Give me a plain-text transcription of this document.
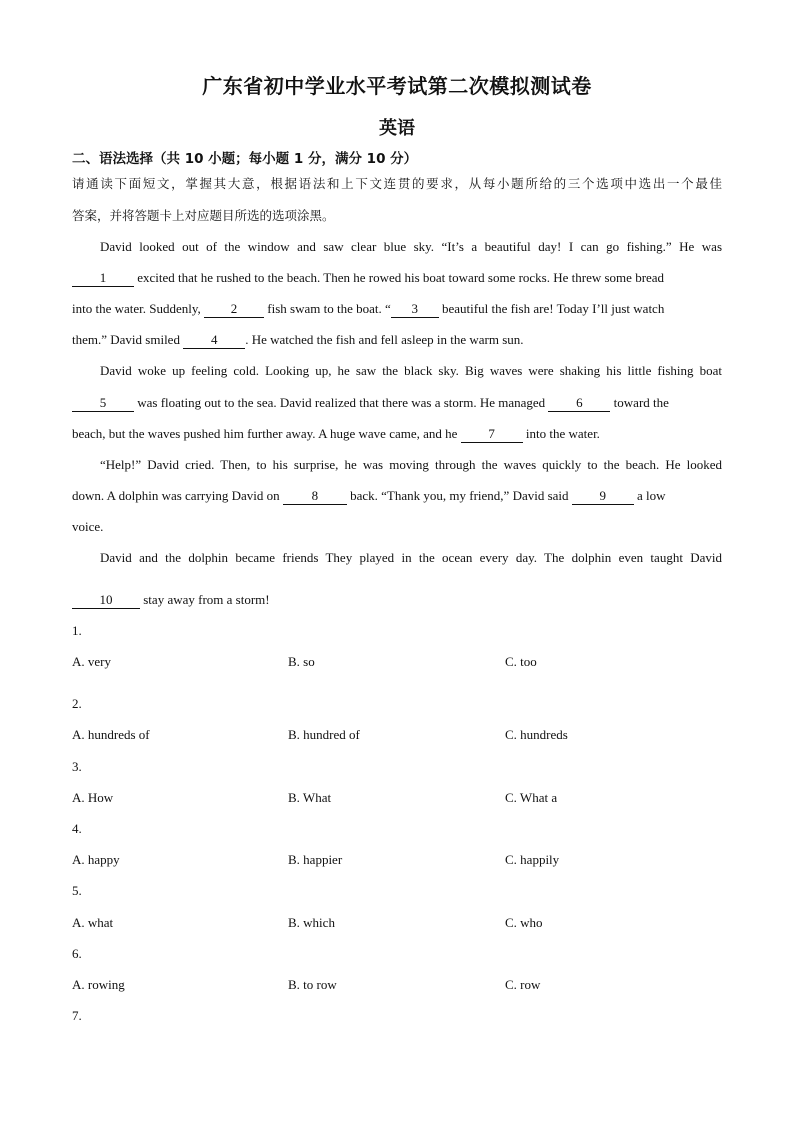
广东省初中学业水平考试第二次模拟测试卷
英语
二、语法选择（共 10 小题；每小题 1 分，满分 10 分）
请通读下面短文，掌握其大意，根据语法和上下文连贯的要求，从每小题所给的三个选项中选出一个最佳
答案，并将答题卡上对应题目所选的选项涂黑。
David looked out of the window and saw clear blue sky. “It’s a beautiful day! I can go fishing.” He was
1 excited that he rushed to the beach. Then he rowed his boat toward some rocks. He threw some bread
into the water. Suddenly, 2 fish swam to the boat. “ 3 beautiful the fish are! Today I’ll just watch
them.” David smiled 4 . He watched the fish and fell asleep in the warm sun.
David woke up feeling cold. Looking up, he saw the black sky. Big waves were shaking his little fishing boat
5 was floating out to the sea. David realized that there was a storm. He managed 6 toward the
beach, but the waves pushed him further away. A huge wave came, and he 7 into the water.
“Help!” David cried. Then, to his surprise, he was moving through the waves quickly to the beach. He looked
down. A dolphin was carrying David on 8 back. “Thank you, my friend,” David said 9 a low
voice.
David and the dolphin became friends They played in the ocean every day. The dolphin even taught David
10 stay away from a storm!
1.
A. very	B. so	C. too
2.
A. hundreds of	B. hundred of	C. hundreds
3.
A. How	B. What	C. What a
4.
A. happy	B. happier	C. happily
5.
A. what	B. which	C. who
6.
A. rowing	B. to row	C. row
7.
